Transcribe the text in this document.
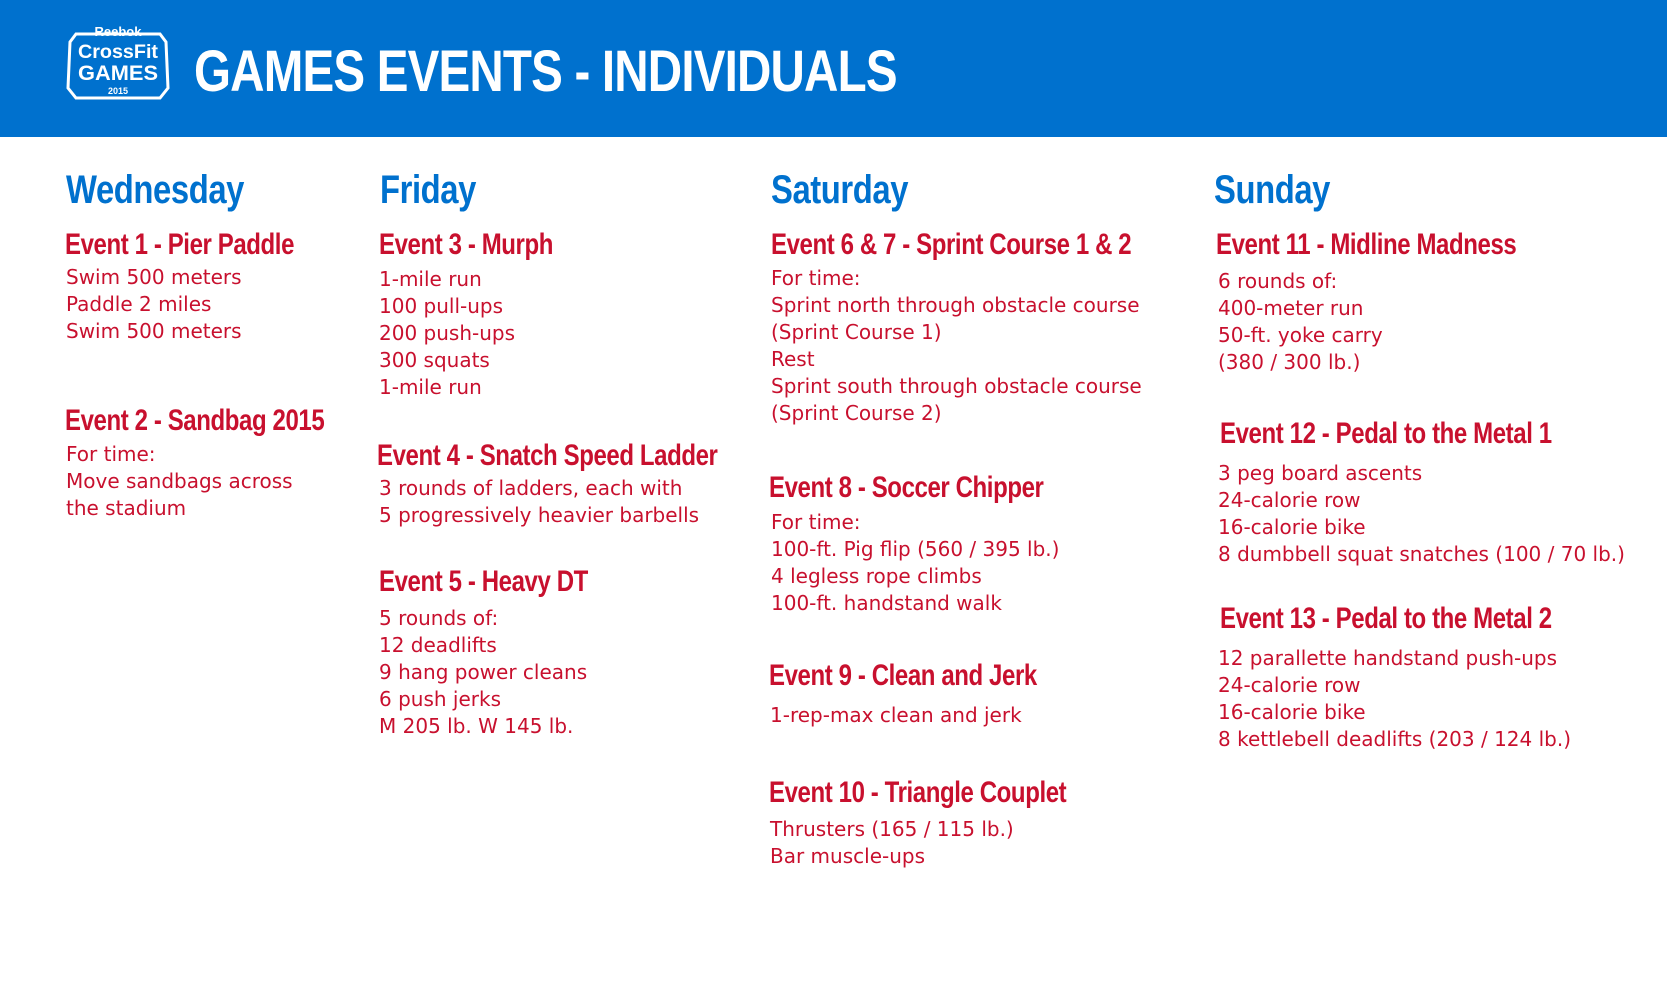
Reebok
CrossFit
GAMES
2015 GAMES EVENTS - INDIVIDUALS
Wednesday	Friday	Saturday	Sunday
Event 1 - Pier Paddle
Swim 500 meters
Paddle 2 miles
Swim 500 meters
Event 2 - Sandbag 2015
For time:
Move sandbags across
the stadium
Event 3 - Murph
1-mile run
100 pull-ups
200 push-ups
300 squats
1-mile run
Event 4 - Snatch Speed Ladder
3 rounds of ladders, each with
5 progressively heavier barbells
Event 5 - Heavy DT
5 rounds of:
12 deadlifts
9 hang power cleans
6 push jerks
M 205 lb. W 145 lb.
Event 6 & 7 - Sprint Course 1 & 2
For time:
Sprint north through obstacle course
(Sprint Course 1)
Rest
Sprint south through obstacle course
(Sprint Course 2)
Event 8 - Soccer Chipper
For time:
100-ft. Pig flip (560 / 395 lb.)
4 legless rope climbs
100-ft. handstand walk
Event 9 - Clean and Jerk
1-rep-max clean and jerk
Event 10 - Triangle Couplet
Thrusters (165 / 115 lb.)
Bar muscle-ups
Event 11 - Midline Madness
6 rounds of:
400-meter run
50-ft. yoke carry
(380 / 300 lb.)
Event 12 - Pedal to the Metal 1
3 peg board ascents
24-calorie row
16-calorie bike
8 dumbbell squat snatches (100 / 70 lb.)
Event 13 - Pedal to the Metal 2
12 parallette handstand push-ups
24-calorie row
16-calorie bike
8 kettlebell deadlifts (203 / 124 lb.)
